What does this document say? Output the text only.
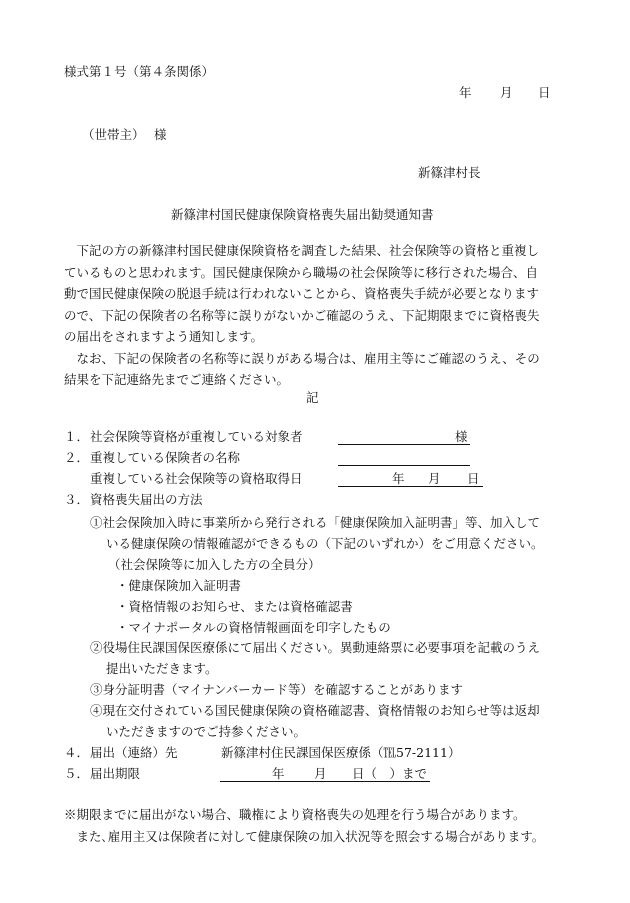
様式第１号（第４条関係）
年 月 日
（世帯主） 様
新篠津村長
新篠津村国民健康保険資格喪失届出勧奨通知書
　下記の方の新篠津村国民健康保険資格を調査した結果、社会保険等の資格と重複し
ているものと思われます。国民健康保険から職場の社会保険等に移行された場合、自
動で国民健康保険の脱退手続は行われないことから、資格喪失手続が必要となります
ので、下記の保険者の名称等に誤りがないかご確認のうえ、下記期限までに資格喪失
の届出をされますよう通知します。
　なお、下記の保険者の名称等に誤りがある場合は、雇用主等にご確認のうえ、その
結果を下記連絡先までご連絡ください。
記
１． 社会保険等資格が重複している対象者	様
２． 重複している保険者の名称
重複している社会保険等の資格取得日	年 月 日
３． 資格喪失届出の方法
①社会保険加入時に事業所から発行される「健康保険加入証明書」等、加入して
いる健康保険の情報確認ができるもの（下記のいずれか）をご用意ください。
（社会保険等に加入した方の全員分）
・健康保険加入証明書
・資格情報のお知らせ、または資格確認書
・マイナポータルの資格情報画面を印字したもの
②役場住民課国保医療係にて届出ください。異動連絡票に必要事項を記載のうえ
提出いただきます。
③身分証明書（マイナンバーカード等）を確認することがあります
④現在交付されている国民健康保険の資格確認書、資格情報のお知らせ等は返却
いただきますのでご持参ください。
４． 届出（連絡）先	新篠津村住民課国保医療係（℡57-2111）
５． 届出期限	年 月 日（　）まで
※期限までに届出がない場合、職権により資格喪失の処理を行う場合があります。
　また､雇用主又は保険者に対して健康保険の加入状況等を照会する場合があります。
